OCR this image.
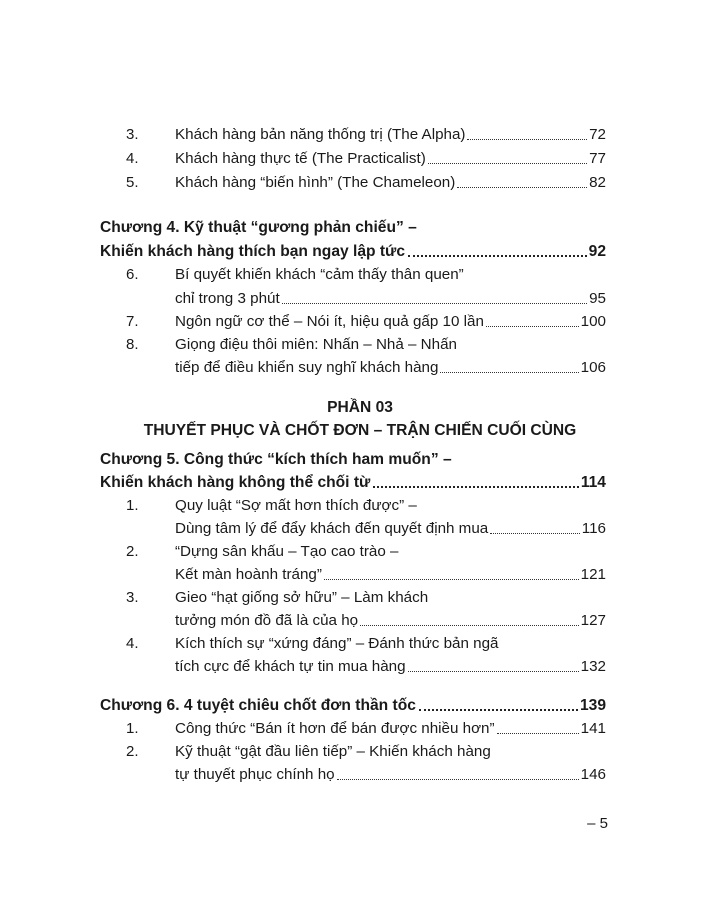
3.	Khách hàng bản năng thống trị (The Alpha)	72
4.	Khách hàng thực tế (The Practicalist)	77
5.	Khách hàng “biến hình” (The Chameleon)	82
Chương 4. Kỹ thuật “gương phản chiếu” –
Khiến khách hàng thích bạn ngay lập tức	92
6.	Bí quyết khiến khách “cảm thấy thân quen”
chỉ trong 3 phút	95
7.	Ngôn ngữ cơ thể – Nói ít, hiệu quả gấp 10 lần	100
8.	Giọng điệu thôi miên: Nhấn – Nhả – Nhấn
tiếp để điều khiển suy nghĩ khách hàng	106
PHẦN 03
THUYẾT PHỤC VÀ CHỐT ĐƠN – TRẬN CHIẾN CUỐI CÙNG
Chương 5. Công thức “kích thích ham muốn” –
Khiến khách hàng không thể chối từ	114
1.	Quy luật “Sợ mất hơn thích được” –
Dùng tâm lý để đẩy khách đến quyết định mua	116
2.	“Dựng sân khấu – Tạo cao trào –
Kết màn hoành tráng”	121
3.	Gieo “hạt giống sở hữu” – Làm khách
tưởng món đồ đã là của họ	127
4.	Kích thích sự “xứng đáng” – Đánh thức bản ngã
tích cực để khách tự tin mua hàng	132
Chương 6. 4 tuyệt chiêu chốt đơn thần tốc	139
1.	Công thức “Bán ít hơn để bán được nhiều hơn”	141
2.	Kỹ thuật “gật đầu liên tiếp” – Khiến khách hàng
tự thuyết phục chính họ	146
– 5
